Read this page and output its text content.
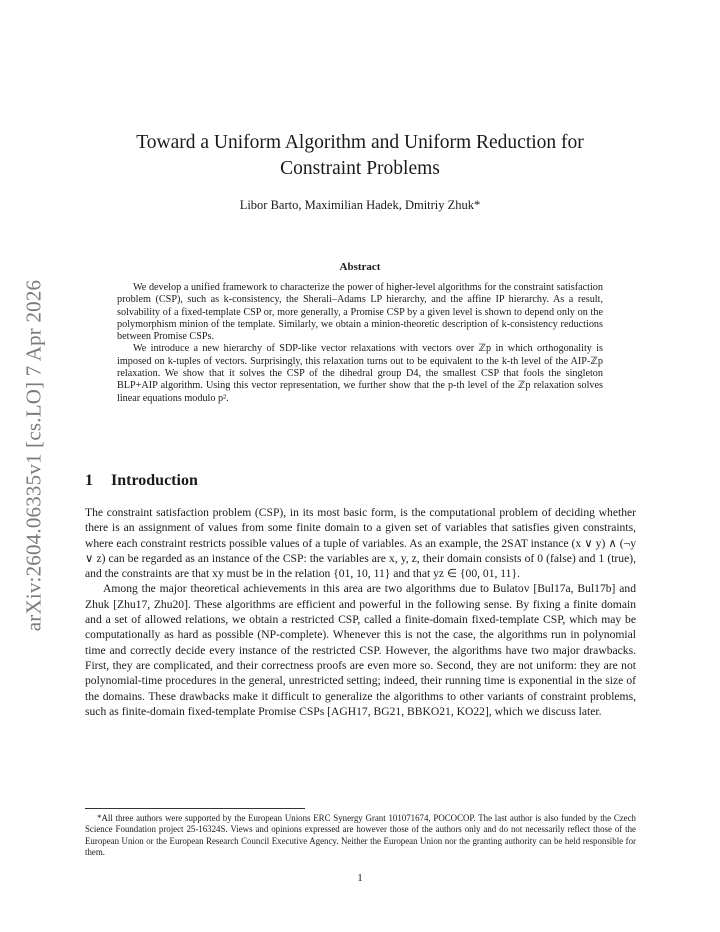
arXiv:2604.06335v1 [cs.LO] 7 Apr 2026
Toward a Uniform Algorithm and Uniform Reduction for
Constraint Problems
Libor Barto, Maximilian Hadek, Dmitriy Zhuk*
Abstract

We develop a unified framework to characterize the power of higher-level algorithms for the constraint satisfaction problem (CSP), such as k-consistency, the Sherali–Adams LP hierarchy, and the affine IP hierarchy. As a result, solvability of a fixed-template CSP or, more generally, a Promise CSP by a given level is shown to depend only on the polymorphism minion of the template. Similarly, we obtain a minion-theoretic description of k-consistency reductions between Promise CSPs.

We introduce a new hierarchy of SDP-like vector relaxations with vectors over ℤp in which orthogonality is imposed on k-tuples of vectors. Surprisingly, this relaxation turns out to be equivalent to the k-th level of the AIP-ℤp relaxation. We show that it solves the CSP of the dihedral group D4, the smallest CSP that fools the singleton BLP+AIP algorithm. Using this vector representation, we further show that the p-th level of the ℤp relaxation solves linear equations modulo p².

1 Introduction

The constraint satisfaction problem (CSP), in its most basic form, is the computational problem of deciding whether there is an assignment of values from some finite domain to a given set of variables that satisfies given constraints, where each constraint restricts possible values of a tuple of variables. As an example, the 2SAT instance (x ∨ y) ∧ (¬y ∨ z) can be regarded as an instance of the CSP: the variables are x, y, z, their domain consists of 0 (false) and 1 (true), and the constraints are that xy must be in the relation {01, 10, 11} and that yz ∈ {00, 01, 11}.

Among the major theoretical achievements in this area are two algorithms due to Bulatov [Bul17a, Bul17b] and Zhuk [Zhu17, Zhu20]. These algorithms are efficient and powerful in the following sense. By fixing a finite domain and a set of allowed relations, we obtain a restricted CSP, called a finite-domain fixed-template CSP, which may be computationally as hard as possible (NP-complete). Whenever this is not the case, the algorithms run in polynomial time and correctly decide every instance of the restricted CSP. However, the algorithms have two major drawbacks. First, they are complicated, and their correctness proofs are even more so. Second, they are not uniform: they are not polynomial-time procedures in the general, unrestricted setting; indeed, their running time is exponential in the size of the domains. These drawbacks make it difficult to generalize the algorithms to other variants of constraint problems, such as finite-domain fixed-template Promise CSPs [AGH17, BG21, BBKO21, KO22], which we discuss later.

*All three authors were supported by the European Unions ERC Synergy Grant 101071674, POCOCOP. The last author is also funded by the Czech Science Foundation project 25-16324S. Views and opinions expressed are however those of the authors only and do not necessarily reflect those of the European Union or the European Research Council Executive Agency. Neither the European Union nor the granting authority can be held responsible for them.
1
